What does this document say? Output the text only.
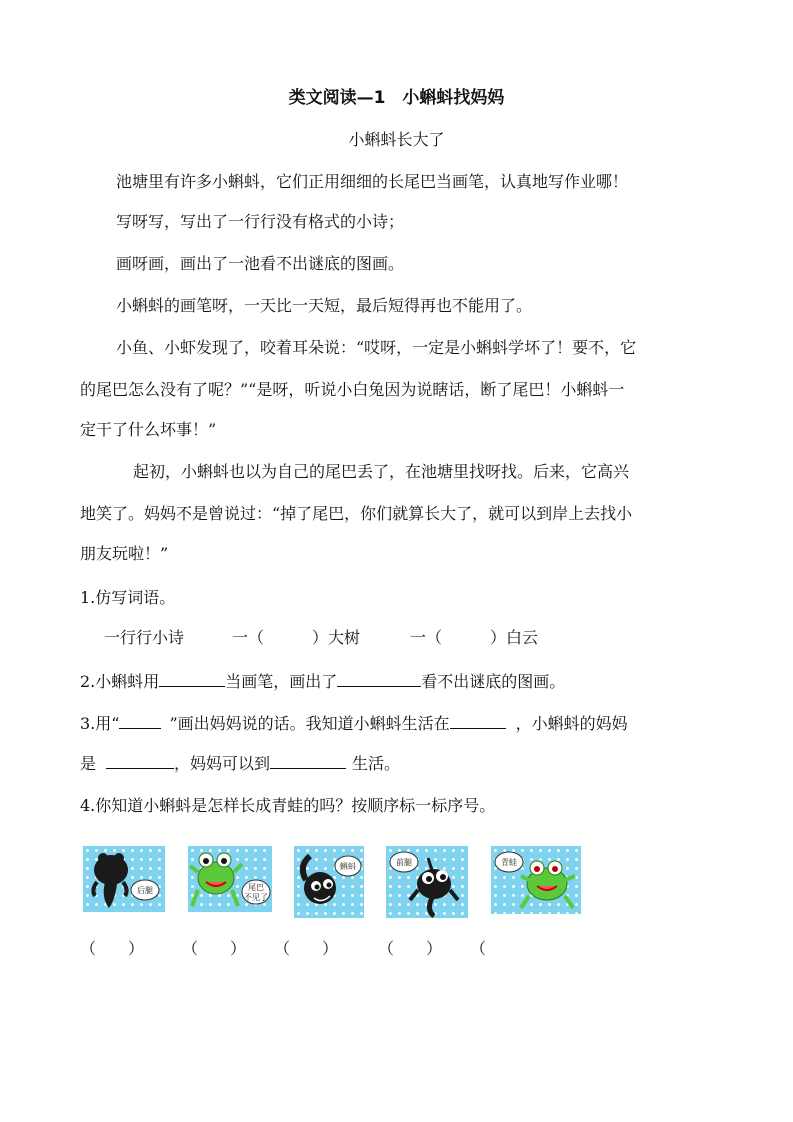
类文阅读—1　小蝌蚪找妈妈
小蝌蚪长大了
池塘里有许多小蝌蚪，它们正用细细的长尾巴当画笔，认真地写作业哪！
写呀写，写出了一行行没有格式的小诗；
画呀画，画出了一池看不出谜底的图画。
小蝌蚪的画笔呀，一天比一天短，最后短得再也不能用了。
小鱼、小虾发现了，咬着耳朵说：“哎呀，一定是小蝌蚪学坏了！要不，它
的尾巴怎么没有了呢？”“是呀，听说小白兔因为说瞎话，断了尾巴！小蝌蚪一
定干了什么坏事！”
起初，小蝌蚪也以为自己的尾巴丢了，在池塘里找呀找。后来，它高兴
地笑了。妈妈不是曾说过：“掉了尾巴，你们就算长大了，就可以到岸上去找小
朋友玩啦！”
1.仿写词语。
一行行小诗	一（　　　）大树	一（　　　）白云
2.小蝌蚪用	当画笔，画出了	看不出谜底的图画。
3.用“	”画出妈妈说的话。我知道小蝌蚪生活在	，小蝌蚪的妈妈
是	，妈妈可以到	生活。
4.你知道小蝌蚪是怎样长成青蛙的吗？按顺序标一标序号。
后腿	尾巴
不见了
蝌蚪	前腿	青蛙
（　　） （　　） （　　） （　　） （
